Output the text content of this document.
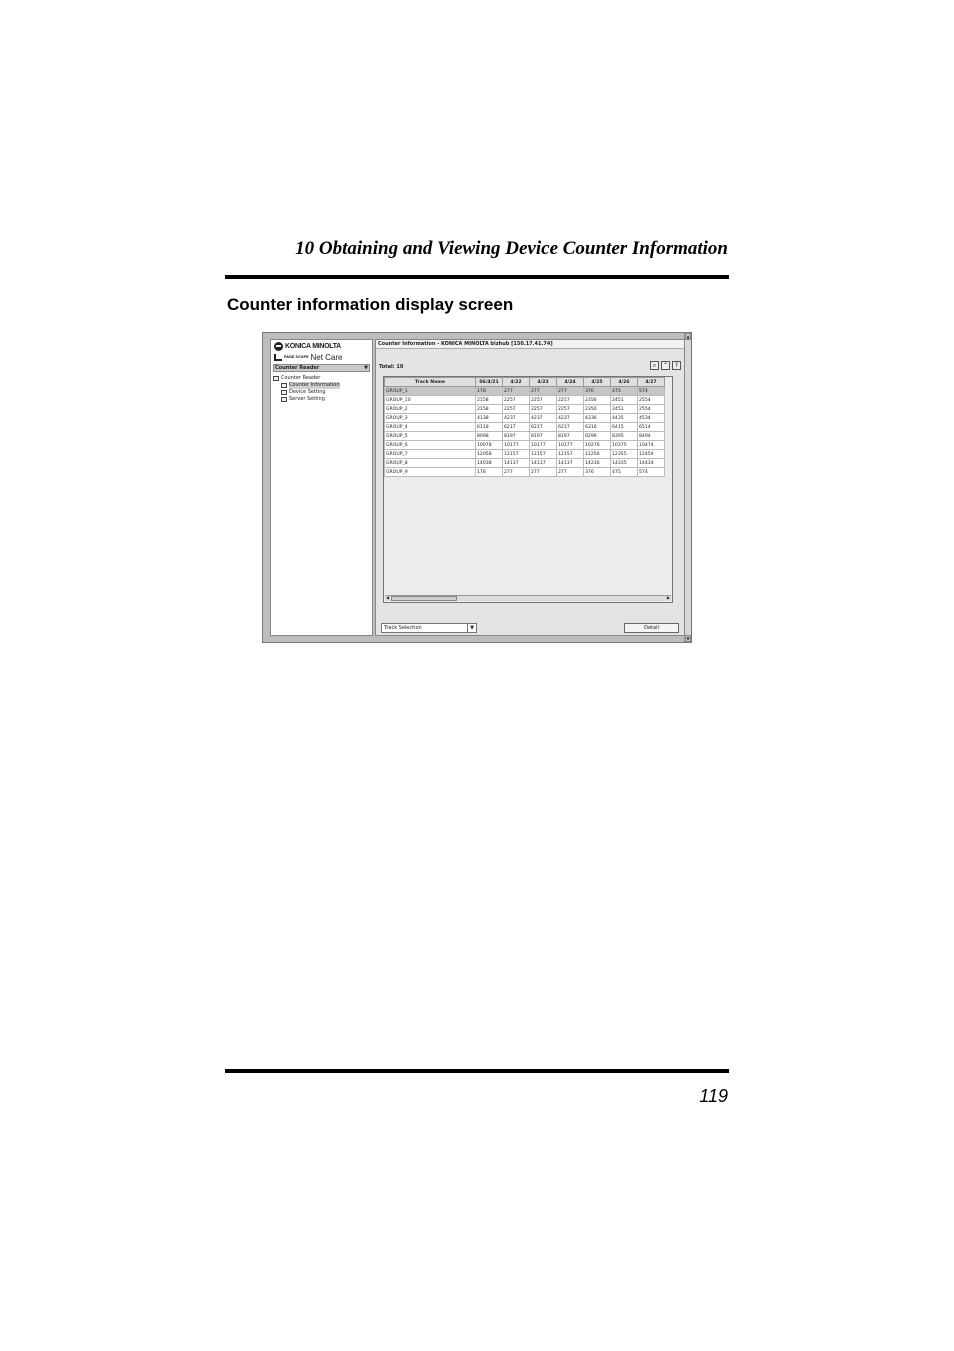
10 Obtaining and Viewing Device Counter Information
Counter information display screen
▲
▼
KONICA MINOLTA
PAGE SCOPE Net Care
Counter Reader	▼
Counter Reader
Counter Information
Device Setting
Server Setting
Counter Information - KONICA MINOLTA bizhub [150.17.41.74]
Total: 10	⌕	⌃	?
Track Name	06/4/21	4/22	4/23	4/24	4/25	4/26	4/27
GROUP_1	178	277	277	277	376	475	574
GROUP_10	2158	2257	2257	2257	2356	2451	2554
GROUP_2	2158	2257	2257	2257	2350	2451	2554
GROUP_3	4138	4237	4237	4237	4336	4435	4534
GROUP_4	6118	6217	6217	6217	6316	6415	6514
GROUP_5	8098	8197	8197	8197	8296	8395	8494
GROUP_6	10078	10177	10177	10177	10276	10375	10474
GROUP_7	12058	12157	12157	12157	12256	12355	12454
GROUP_8	14038	14137	14137	14137	14236	14335	14434
GROUP_9	178	277	277	277	376	475	574
◀	▶
Track Selection	▼	Detail
119
